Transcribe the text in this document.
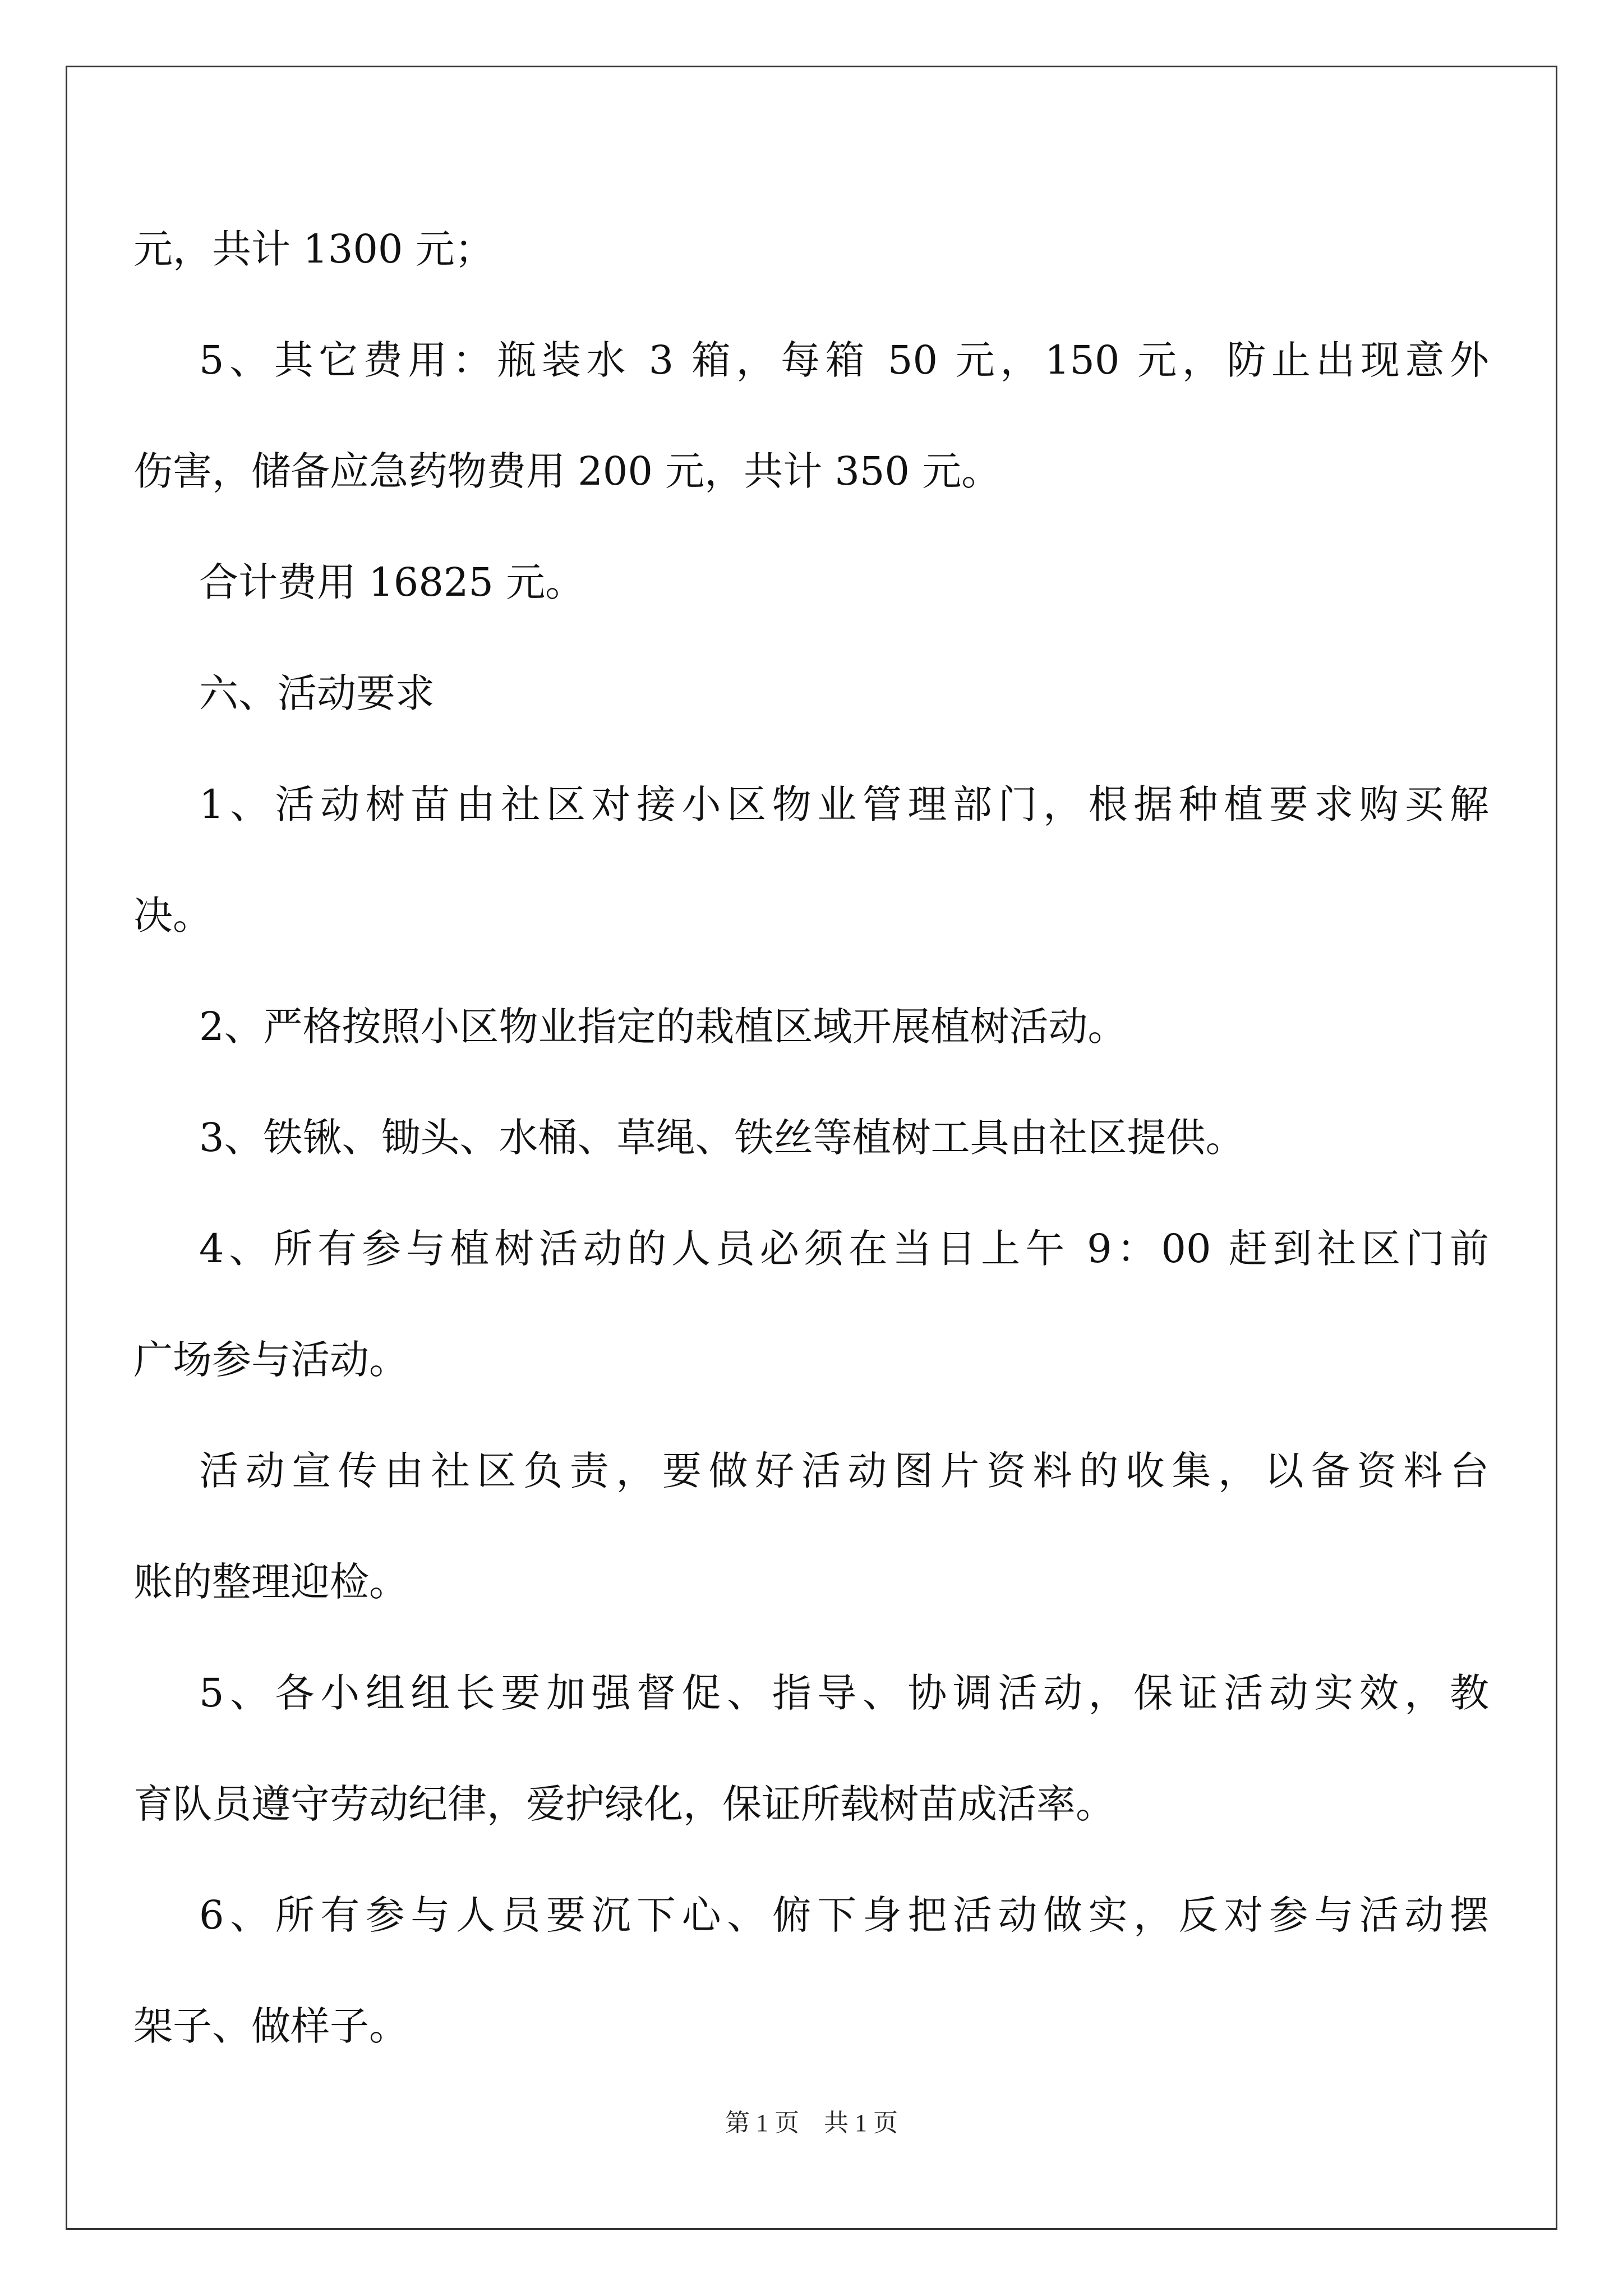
元，共计 1300 元；

5、其它费用：瓶装水 3 箱，每箱 50 元，150 元，防止出现意外

伤害，储备应急药物费用 200 元，共计 350 元。

合计费用 16825 元。

六、活动要求

1、活动树苗由社区对接小区物业管理部门，根据种植要求购买解

决。

2、严格按照小区物业指定的栽植区域开展植树活动。

3、铁锹、锄头、水桶、草绳、铁丝等植树工具由社区提供。

4、所有参与植树活动的人员必须在当日上午 9：00 赶到社区门前

广场参与活动。

活动宣传由社区负责，要做好活动图片资料的收集，以备资料台

账的整理迎检。

5、各小组组长要加强督促、指导、协调活动，保证活动实效，教

育队员遵守劳动纪律，爱护绿化，保证所载树苗成活率。

6、所有参与人员要沉下心、俯下身把活动做实，反对参与活动摆

架子、做样子。

第 1 页　共 1 页
